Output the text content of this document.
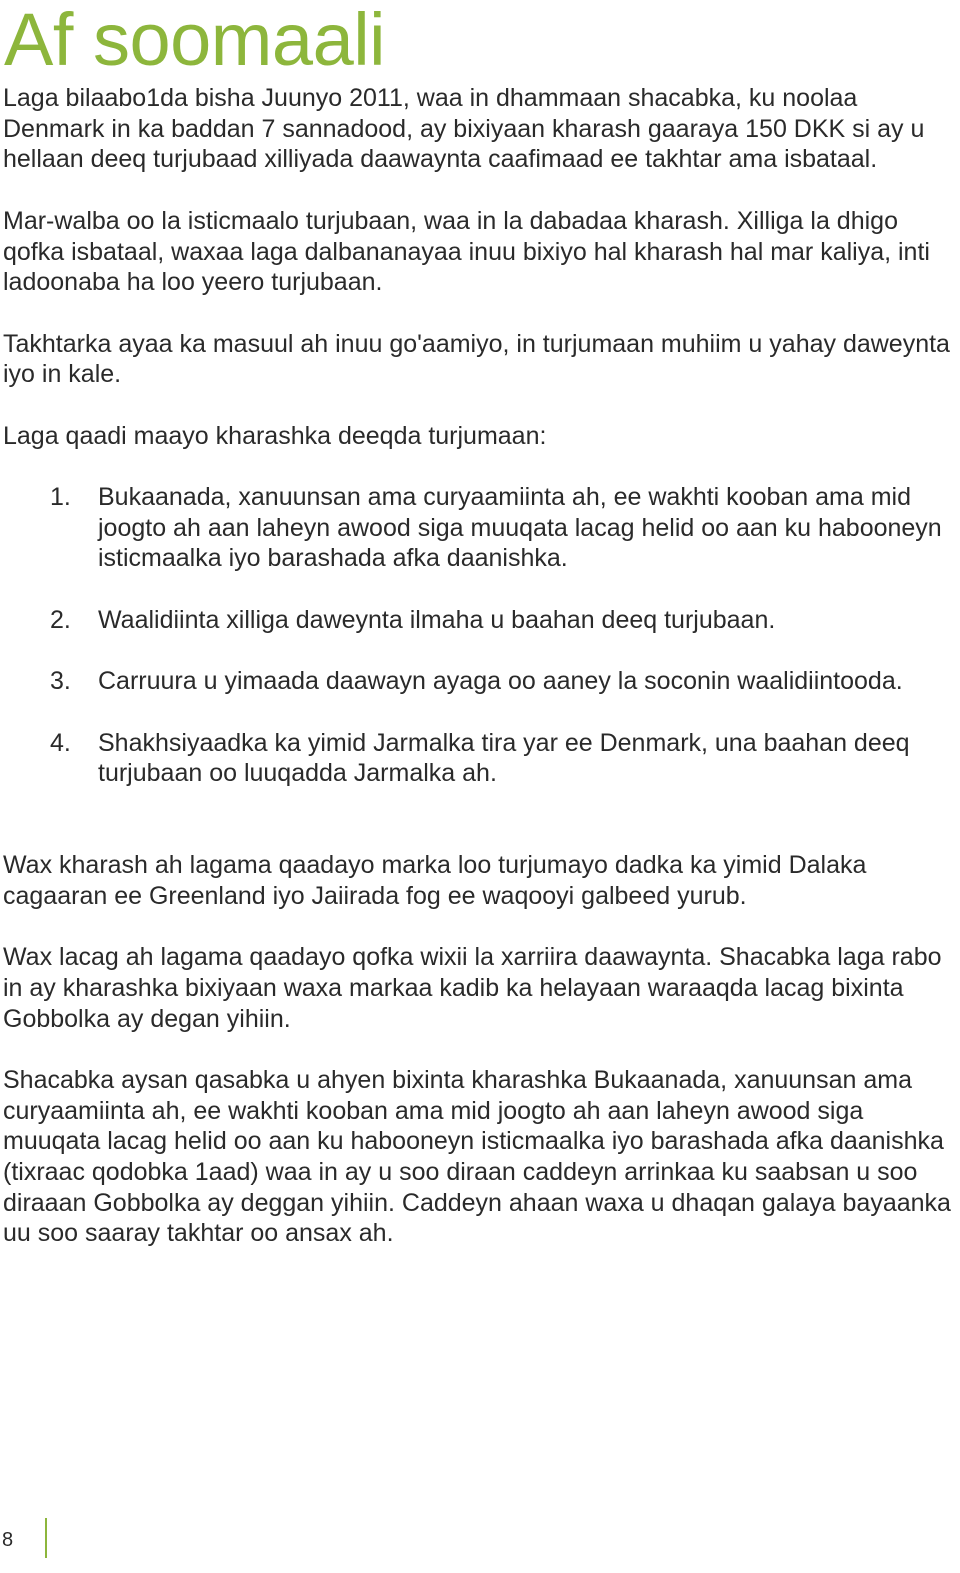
Af soomaali

Laga bilaabo1da bisha Juunyo 2011, waa in dhammaan shacabka, ku noolaa Denmark in ka baddan 7 sannadood, ay bixiyaan kharash gaaraya 150 DKK si ay u hellaan deeq turjubaad xilliyada daawaynta caafimaad ee takhtar ama isbataal.

Mar-walba oo la isticmaalo turjubaan, waa in la dabadaa kharash. Xilliga la dhigo qofka isbataal, waxaa laga dalbananayaa inuu bixiyo hal kharash hal mar kaliya, inti ladoonaba ha loo yeero turjubaan.

Takhtarka ayaa ka masuul ah inuu go'aamiyo, in turjumaan muhiim u yahay daweynta iyo in kale.

Laga qaadi maayo kharashka deeqda turjumaan:

1. Bukaanada, xanuunsan ama curyaamiinta ah, ee wakhti kooban ama mid joogto ah aan laheyn awood siga muuqata lacag helid oo aan ku habooneyn isticmaalka iyo barashada afka daanishka.
2. Waalidiinta xilliga daweynta ilmaha u baahan deeq turjubaan.
3. Carruura u yimaada daawayn ayaga oo aaney la soconin waalidiintooda.
4. Shakhsiyaadka ka yimid Jarmalka tira yar ee Denmark, una baahan deeq turjubaan oo luuqadda Jarmalka ah.

Wax kharash ah lagama qaadayo marka loo turjumayo dadka ka yimid Dalaka cagaaran ee Greenland iyo Jaiirada fog ee waqooyi galbeed yurub.

Wax lacag ah lagama qaadayo qofka wixii la xarriira daawaynta. Shacabka laga rabo in ay kharashka bixiyaan waxa markaa kadib ka helayaan waraaqda lacag bixinta Gobbolka ay degan yihiin.

Shacabka aysan qasabka u ahyen bixinta kharashka Bukaanada, xanuunsan ama curyaamiinta ah, ee wakhti kooban ama mid joogto ah aan laheyn awood siga muuqata lacag helid oo aan ku habooneyn isticmaalka iyo barashada afka daanishka (tixraac qodobka 1aad) waa in ay u soo diraan caddeyn arrinkaa ku saabsan u soo diraaan Gobbolka ay deggan yihiin. Caddeyn ahaan waxa u dhaqan galaya bayaanka uu soo saaray takhtar oo ansax ah.

8
